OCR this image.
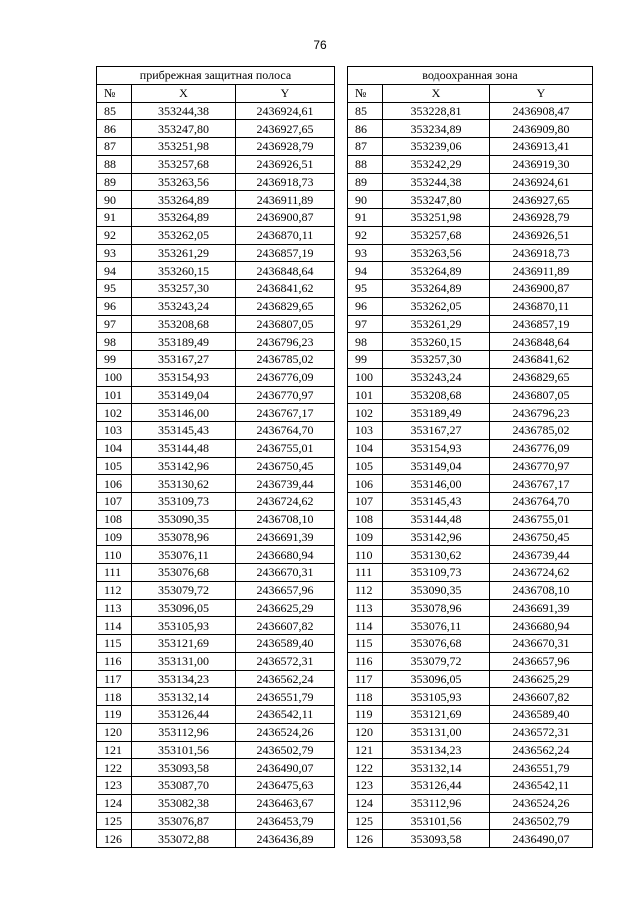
76
прибрежная защитная полоса				водоохранная зона		
№	X	Y		№	X	Y
85	353244,38	2436924,61		85	353228,81	2436908,47
86	353247,80	2436927,65		86	353234,89	2436909,80
87	353251,98	2436928,79		87	353239,06	2436913,41
88	353257,68	2436926,51		88	353242,29	2436919,30
89	353263,56	2436918,73		89	353244,38	2436924,61
90	353264,89	2436911,89		90	353247,80	2436927,65
91	353264,89	2436900,87		91	353251,98	2436928,79
92	353262,05	2436870,11		92	353257,68	2436926,51
93	353261,29	2436857,19		93	353263,56	2436918,73
94	353260,15	2436848,64		94	353264,89	2436911,89
95	353257,30	2436841,62		95	353264,89	2436900,87
96	353243,24	2436829,65		96	353262,05	2436870,11
97	353208,68	2436807,05		97	353261,29	2436857,19
98	353189,49	2436796,23		98	353260,15	2436848,64
99	353167,27	2436785,02		99	353257,30	2436841,62
100	353154,93	2436776,09		100	353243,24	2436829,65
101	353149,04	2436770,97		101	353208,68	2436807,05
102	353146,00	2436767,17		102	353189,49	2436796,23
103	353145,43	2436764,70		103	353167,27	2436785,02
104	353144,48	2436755,01		104	353154,93	2436776,09
105	353142,96	2436750,45		105	353149,04	2436770,97
106	353130,62	2436739,44		106	353146,00	2436767,17
107	353109,73	2436724,62		107	353145,43	2436764,70
108	353090,35	2436708,10		108	353144,48	2436755,01
109	353078,96	2436691,39		109	353142,96	2436750,45
110	353076,11	2436680,94		110	353130,62	2436739,44
111	353076,68	2436670,31		111	353109,73	2436724,62
112	353079,72	2436657,96		112	353090,35	2436708,10
113	353096,05	2436625,29		113	353078,96	2436691,39
114	353105,93	2436607,82		114	353076,11	2436680,94
115	353121,69	2436589,40		115	353076,68	2436670,31
116	353131,00	2436572,31		116	353079,72	2436657,96
117	353134,23	2436562,24		117	353096,05	2436625,29
118	353132,14	2436551,79		118	353105,93	2436607,82
119	353126,44	2436542,11		119	353121,69	2436589,40
120	353112,96	2436524,26		120	353131,00	2436572,31
121	353101,56	2436502,79		121	353134,23	2436562,24
122	353093,58	2436490,07		122	353132,14	2436551,79
123	353087,70	2436475,63		123	353126,44	2436542,11
124	353082,38	2436463,67		124	353112,96	2436524,26
125	353076,87	2436453,79		125	353101,56	2436502,79
126	353072,88	2436436,89		126	353093,58	2436490,07
